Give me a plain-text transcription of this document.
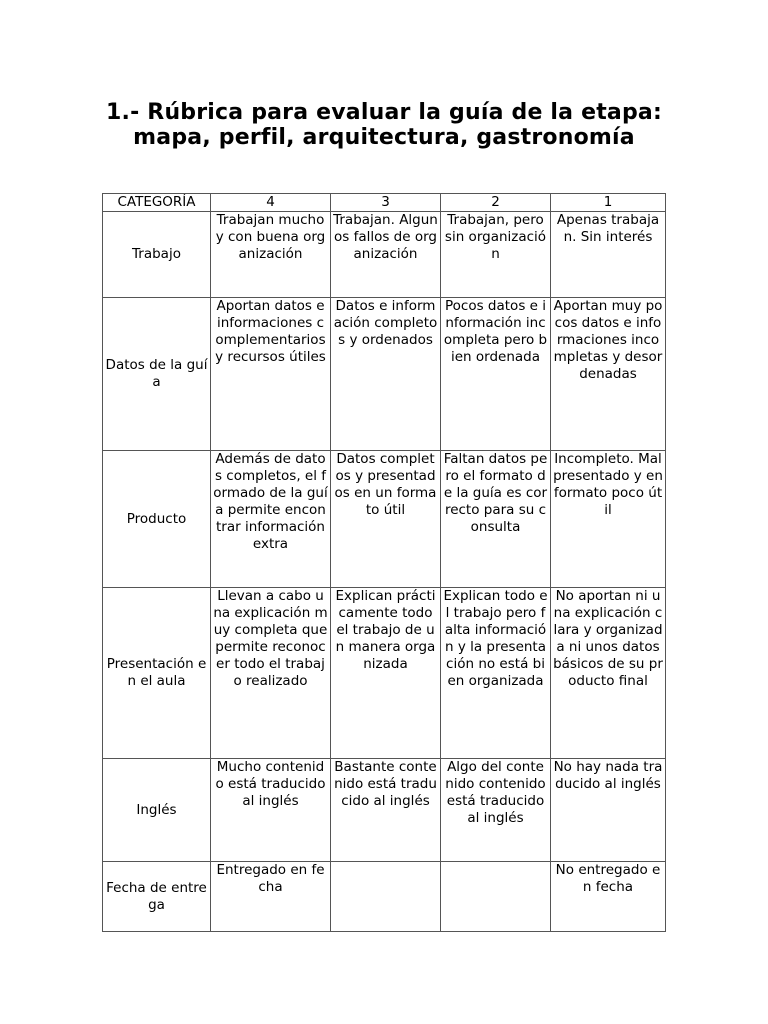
1.- Rúbrica para evaluar la guía de la etapa: mapa, perfil, arquitectura, gastronomía
CATEGORÍA	4	3	2	1
Trabajo	Trabajan mucho y con buena organización	Trabajan. Algunos fallos de organización	Trabajan, pero sin organización	Apenas trabajan. Sin interés
Datos de la guía	Aportan datos e informaciones complementarios y recursos útiles	Datos e información completos y ordenados	Pocos datos e información incompleta pero bien ordenada	Aportan muy pocos datos e informaciones incompletas y desordenadas
Producto	Además de datos completos, el formado de la guía permite encontrar información extra	Datos completos y presentados en un formato útil	Faltan datos pero el formato de la guía es correcto para su consulta	Incompleto. Mal presentado y en formato poco útil
Presentación en el aula	Llevan a cabo una explicación muy completa que permite reconocer todo el trabajo realizado	Explican prácticamente todo el trabajo de un manera organizada	Explican todo el trabajo pero falta información y la presentación no está bien organizada	No aportan ni una explicación clara y organizada ni unos datos básicos de su producto final
Inglés	Mucho contenido está traducido al inglés	Bastante contenido está traducido al inglés	Algo del contenido contenido está traducido al inglés	No hay nada traducido al inglés
Fecha de entrega	Entregado en fecha			No entregado en fecha
